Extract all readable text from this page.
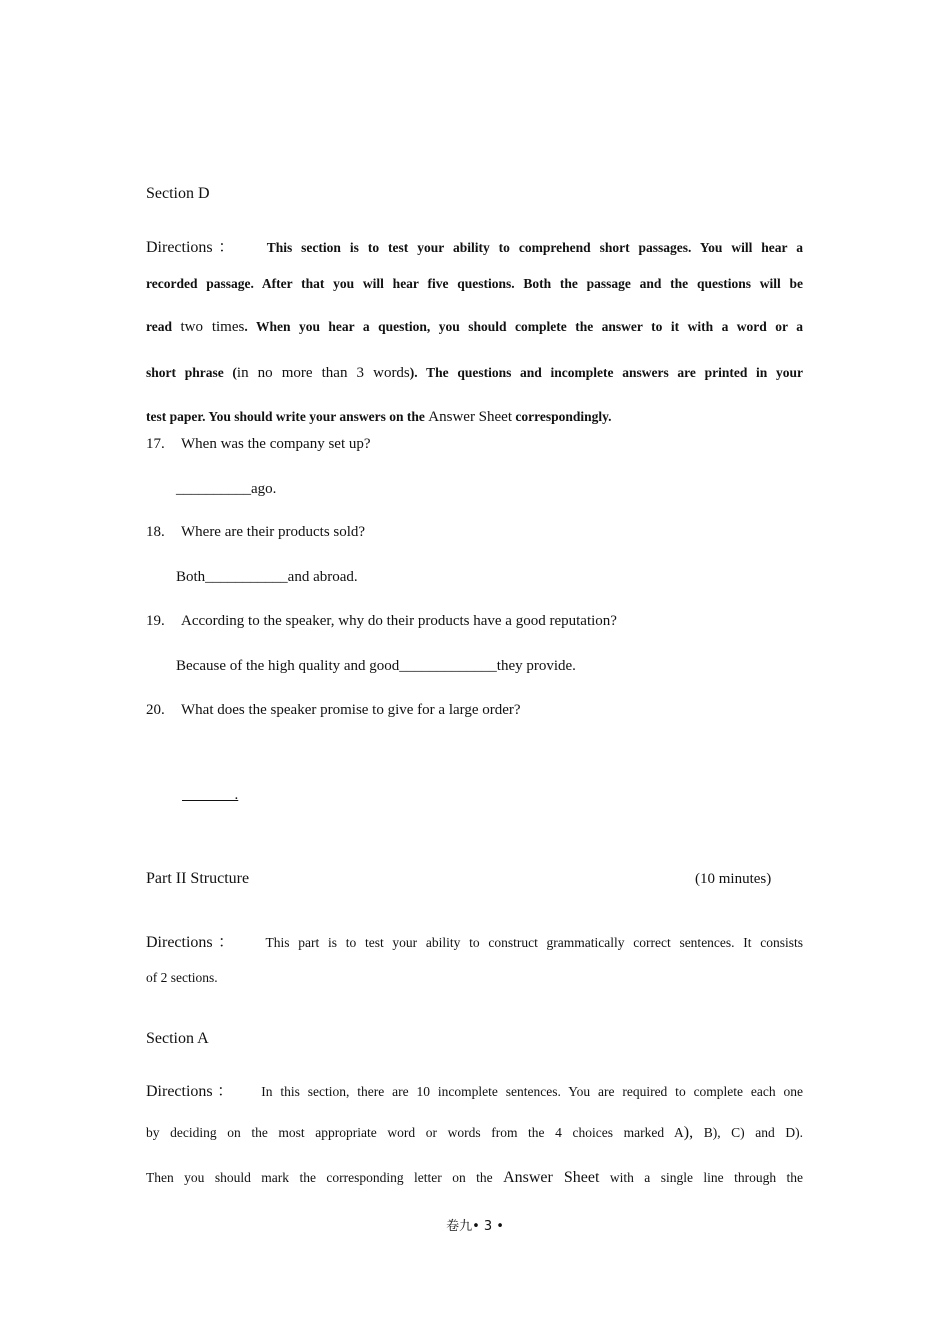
Section D
Directions： This section is to test your ability to comprehend short passages. You will hear a
recorded passage. After that you will hear five questions. Both the passage and the questions will be
read two times. When you hear a question, you should complete the answer to it with a word or a
short phrase (in no more than 3 words). The questions and incomplete answers are printed in your
test paper. You should write your answers on the Answer Sheet correspondingly.
17. When was the company set up?
__________ago.
18. Where are their products sold?
Both___________and abroad.
19. According to the speaker, why do their products have a good reputation?
Because of the high quality and good_____________they provide.
20. What does the speaker promise to give for a large order?
.
Part II Structure	(10 minutes)
Directions： This part is to test your ability to construct grammatically correct sentences. It consists
of 2 sections.
Section A
Directions： In this section, there are 10 incomplete sentences. You are required to complete each one
by deciding on the most appropriate word or words from the 4 choices marked A), B), C) and D).
Then you should mark the corresponding letter on the Answer Sheet with a single line through the
卷九• 3 •
